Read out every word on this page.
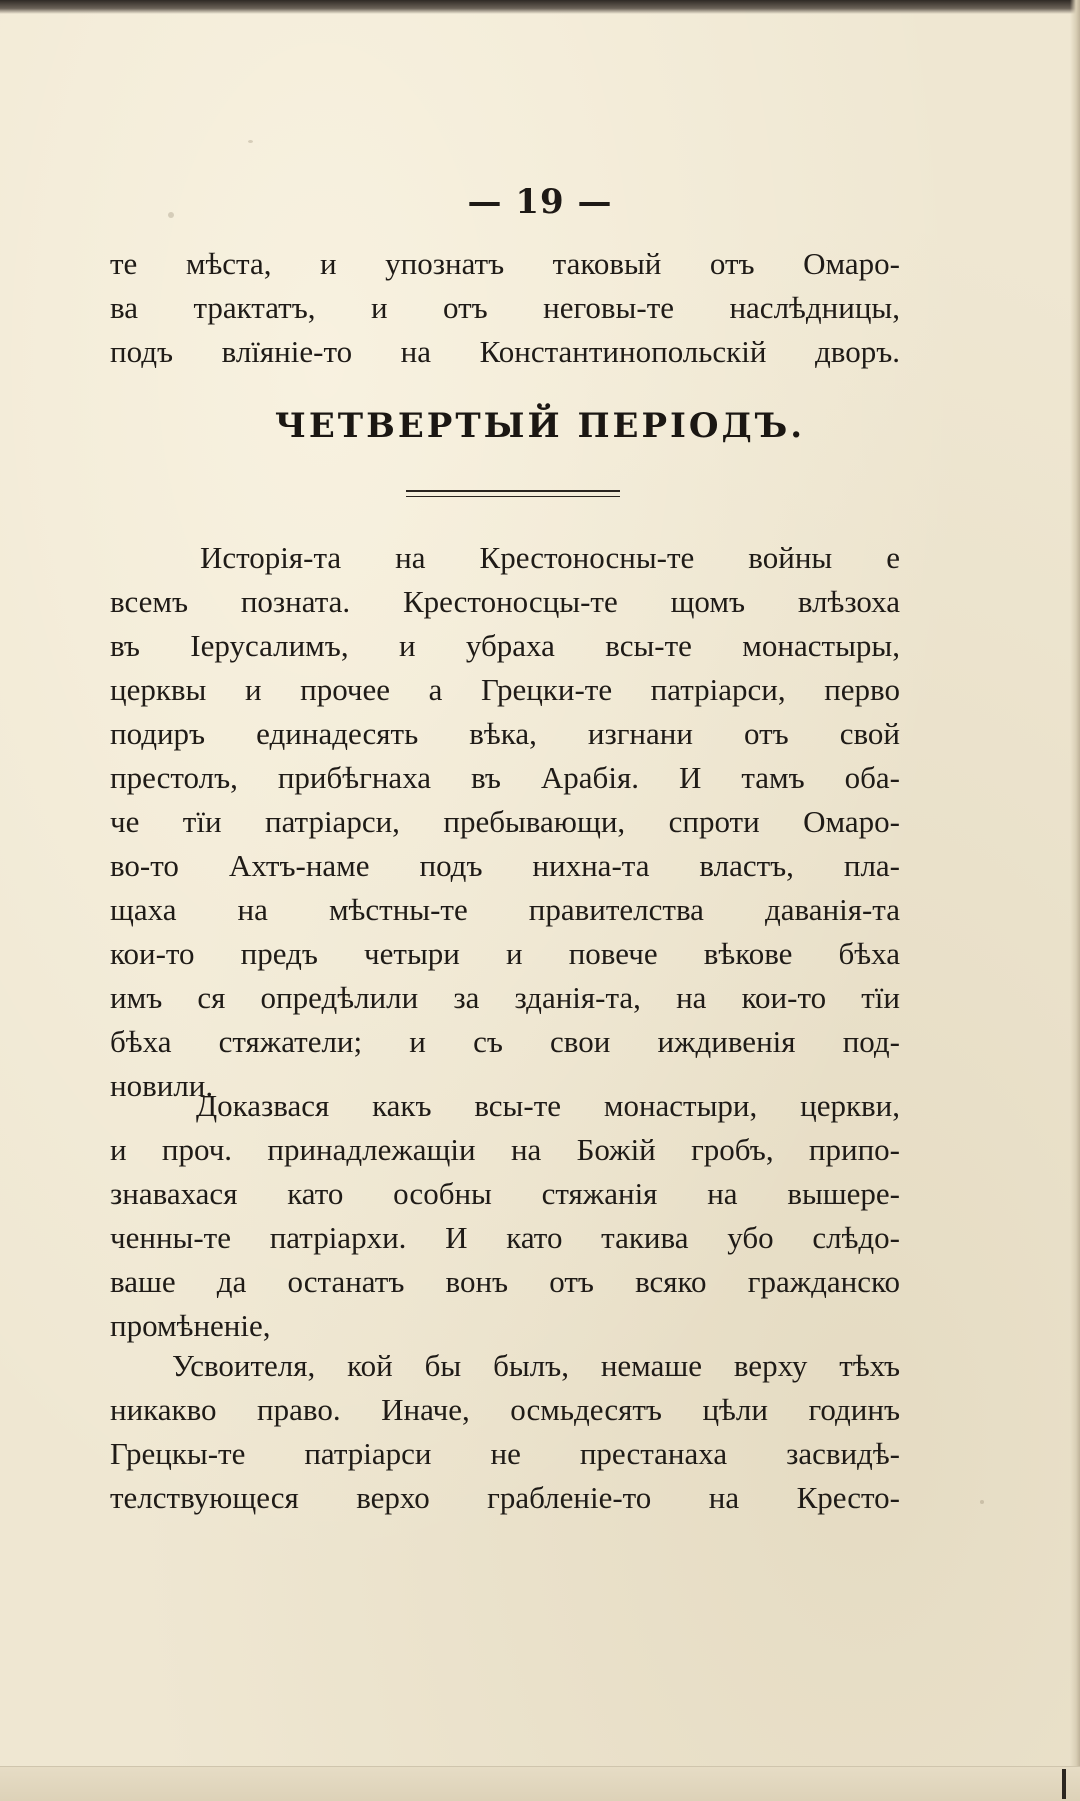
— 19 —
те мѣста, и упознатъ таковый отъ Омаро-
ва трактатъ, и отъ неговы-те наслѣдницы,
подъ влїяніе-то на Константинопольскій дворъ.
ЧЕТВЕРТЫЙ ПЕРІОДЪ.
Исторія-та на Крестоносны-те войны е
всемъ позната. Крестоносцы-те щомъ влѣзоха
въ Іерусалимъ, и убраха всы-те монастыры,
церквы и прочее а Грецки-те патріарси, перво
подиръ единадесять вѣка, изгнани отъ свой
престолъ, прибѣгнаха въ Арабія. И тамъ оба-
че тїи патріарси, пребывающи, спроти Омаро-
во-то Ахтъ-наме подъ нихна-та властъ, пла-
щаха на мѣстны-те правителства даванія-та
кои-то предъ четыри и повече вѣкове бѣха
имъ ся опредѣлили за зданія-та, на кои-то тїи
бѣха стяжатели; и съ свои иждивенія под-
новили.
Доказвася какъ всы-те монастыри, церкви,
и проч. принадлежащіи на Божій гробъ, припо-
знавахася като особны стяжанія на вышере-
ченны-те патріархи. И като такива убо слѣдо-
ваше да останатъ вонъ отъ всяко гражданско
промѣненіе,
Усвоителя, кой бы былъ, немаше верху тѣхъ
никакво право. Иначе, осмьдесятъ цѣли годинъ
Грецкы-те патріарси не престанаха засвидѣ-
телствующеся верхо грабленіе-то на Кресто-
